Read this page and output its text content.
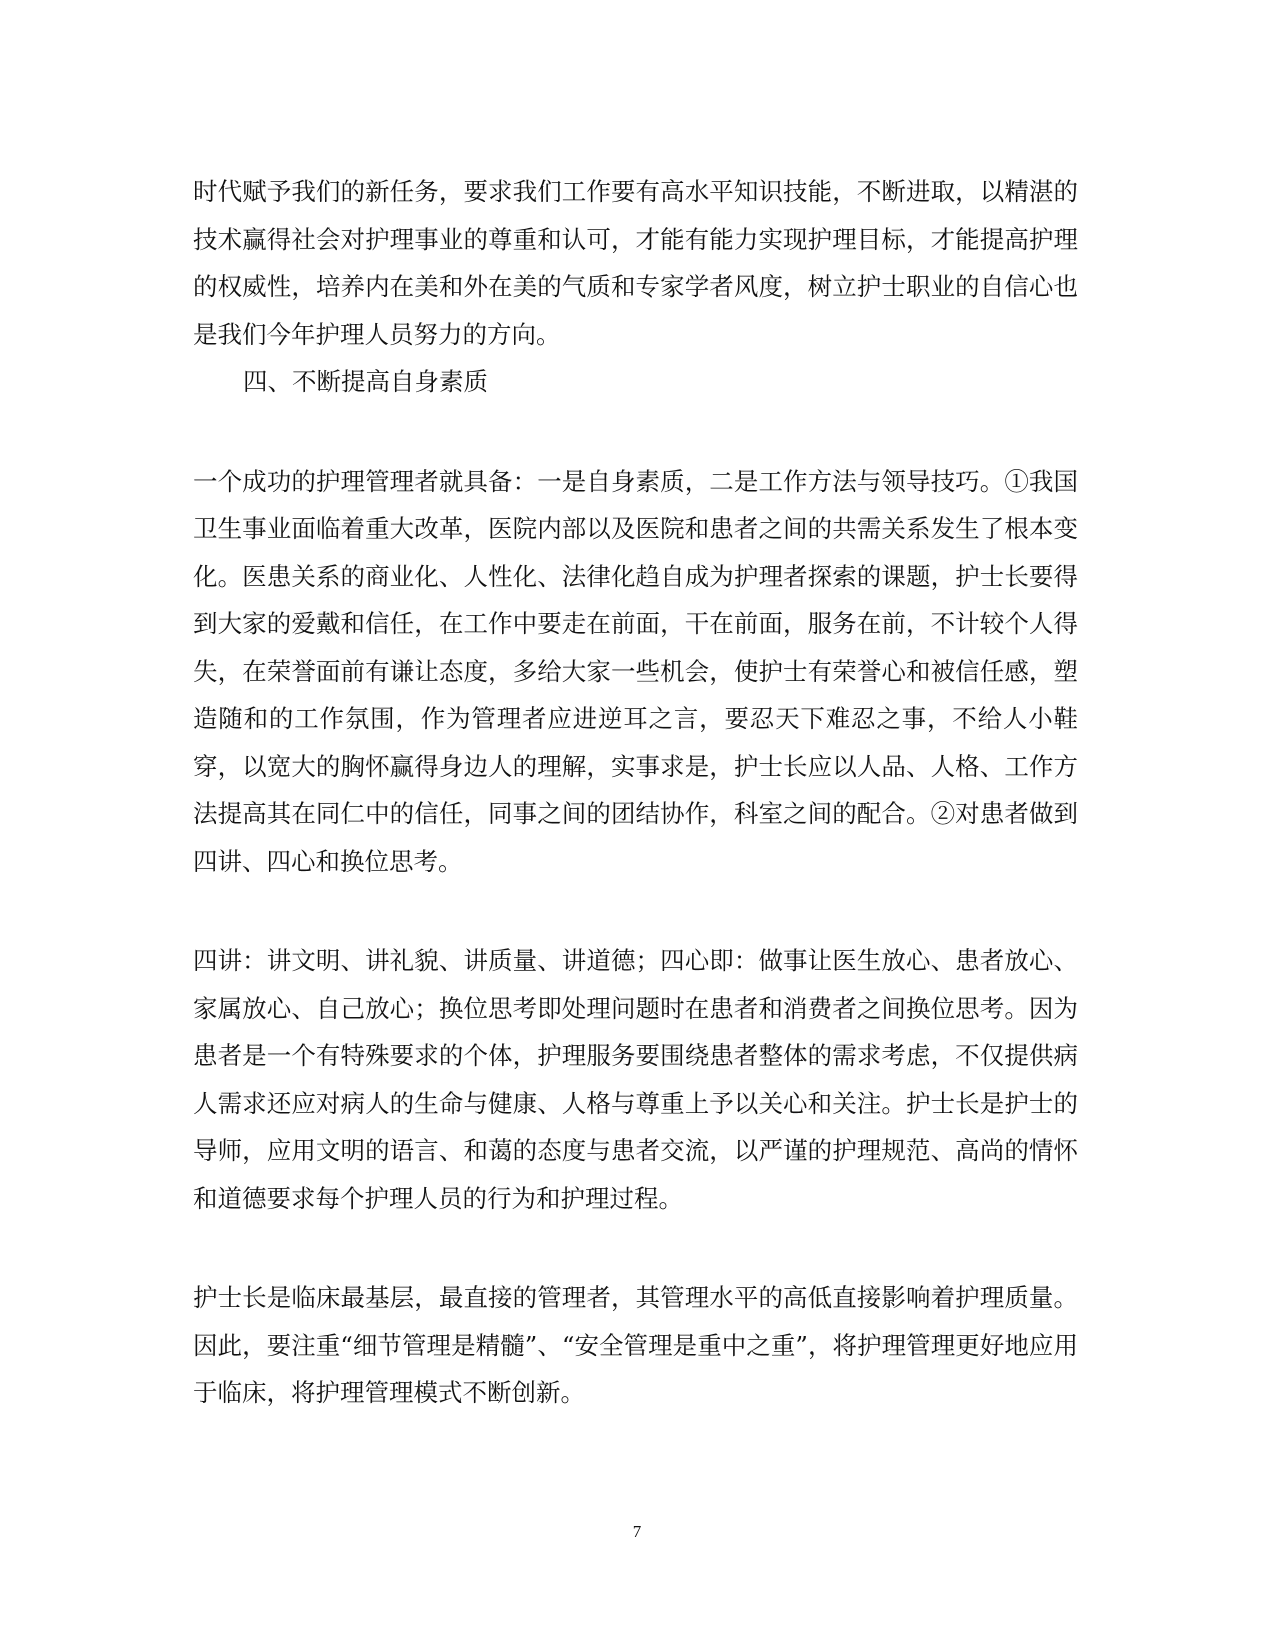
时代赋予我们的新任务，要求我们工作要有高水平知识技能，不断进取，以精湛的技术赢得社会对护理事业的尊重和认可，才能有能力实现护理目标，才能提高护理的权威性，培养内在美和外在美的气质和专家学者风度，树立护士职业的自信心也是我们今年护理人员努力的方向。

四、不断提高自身素质

一个成功的护理管理者就具备：一是自身素质，二是工作方法与领导技巧。①我国卫生事业面临着重大改革，医院内部以及医院和患者之间的共需关系发生了根本变化。医患关系的商业化、人性化、法律化趋自成为护理者探索的课题，护士长要得到大家的爱戴和信任，在工作中要走在前面，干在前面，服务在前，不计较个人得失，在荣誉面前有谦让态度，多给大家一些机会，使护士有荣誉心和被信任感，塑造随和的工作氛围，作为管理者应进逆耳之言，要忍天下难忍之事，不给人小鞋穿，以宽大的胸怀赢得身边人的理解，实事求是，护士长应以人品、人格、工作方法提高其在同仁中的信任，同事之间的团结协作，科室之间的配合。②对患者做到四讲、四心和换位思考。

四讲：讲文明、讲礼貌、讲质量、讲道德；四心即：做事让医生放心、患者放心、家属放心、自己放心；换位思考即处理问题时在患者和消费者之间换位思考。因为患者是一个有特殊要求的个体，护理服务要围绕患者整体的需求考虑，不仅提供病人需求还应对病人的生命与健康、人格与尊重上予以关心和关注。护士长是护士的导师，应用文明的语言、和蔼的态度与患者交流，以严谨的护理规范、高尚的情怀和道德要求每个护理人员的行为和护理过程。

护士长是临床最基层，最直接的管理者，其管理水平的高低直接影响着护理质量。因此，要注重“细节管理是精髓”、“安全管理是重中之重”，将护理管理更好地应用于临床，将护理管理模式不断创新。

7
